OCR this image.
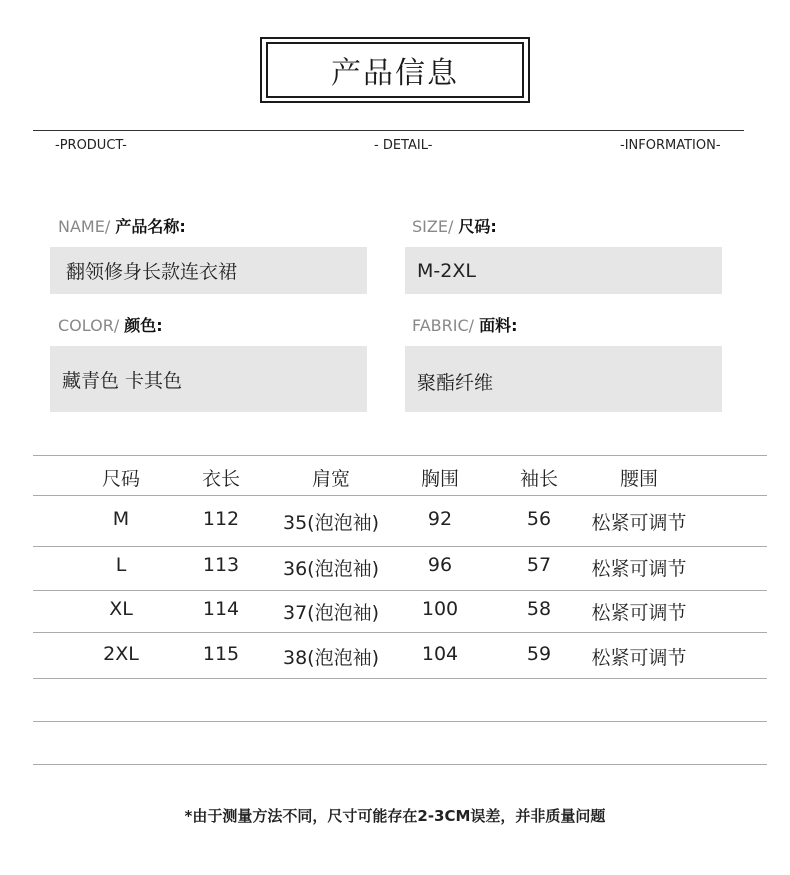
产品信息
-PRODUCT-	- DETAIL-	-INFORMATION-
NAME/ 产品名称:
翻领修身长款连衣裙
SIZE/ 尺码:
M-2XL
COLOR/ 颜色:
藏青色 卡其色
FABRIC/ 面料:
聚酯纤维
尺码	衣长	肩宽	胸围	袖长	腰围
M	112	35(泡泡袖)	92	56	松紧可调节
L	113	36(泡泡袖)	96	57	松紧可调节
XL	114	37(泡泡袖)	100	58	松紧可调节
2XL	115	38(泡泡袖)	104	59	松紧可调节
*由于测量方法不同，尺寸可能存在2-3CM误差，并非质量问题
